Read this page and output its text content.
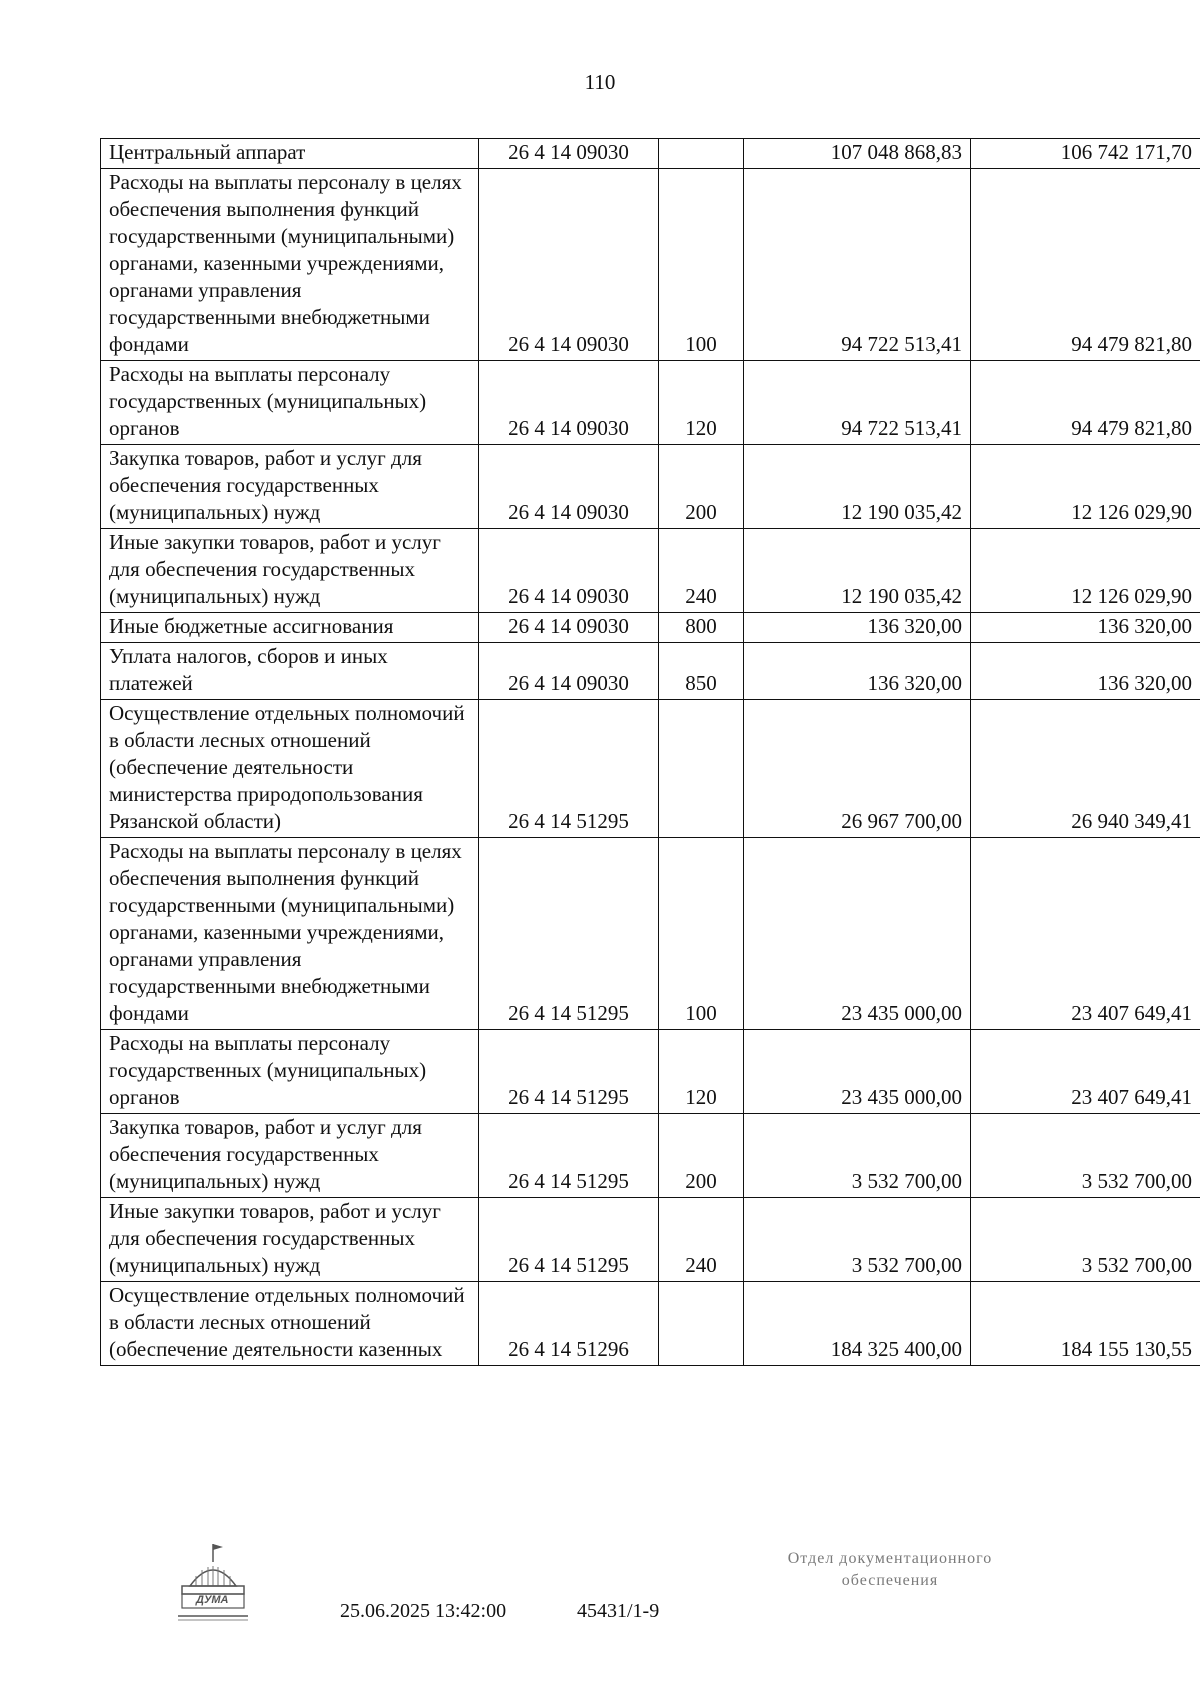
110
Центральный аппарат	26 4 14 09030		107 048 868,83	106 742 171,70
Расходы на выплаты персоналу в целях обеспечения выполнения функций государственными (муниципальными) органами, казенными учреждениями, органами управления государственными внебюджетными фондами	26 4 14 09030	100	94 722 513,41	94 479 821,80
Расходы на выплаты персоналу государственных (муниципальных) органов	26 4 14 09030	120	94 722 513,41	94 479 821,80
Закупка товаров, работ и услуг для обеспечения государственных (муниципальных) нужд	26 4 14 09030	200	12 190 035,42	12 126 029,90
Иные закупки товаров, работ и услуг для обеспечения государственных (муниципальных) нужд	26 4 14 09030	240	12 190 035,42	12 126 029,90
Иные бюджетные ассигнования	26 4 14 09030	800	136 320,00	136 320,00
Уплата налогов, сборов и иных платежей	26 4 14 09030	850	136 320,00	136 320,00
Осуществление отдельных полномочий в области лесных отношений (обеспечение деятельности министерства природопользования Рязанской области)	26 4 14 51295		26 967 700,00	26 940 349,41
Расходы на выплаты персоналу в целях обеспечения выполнения функций государственными (муниципальными) органами, казенными учреждениями, органами управления государственными внебюджетными фондами	26 4 14 51295	100	23 435 000,00	23 407 649,41
Расходы на выплаты персоналу государственных (муниципальных) органов	26 4 14 51295	120	23 435 000,00	23 407 649,41
Закупка товаров, работ и услуг для обеспечения государственных (муниципальных) нужд	26 4 14 51295	200	3 532 700,00	3 532 700,00
Иные закупки товаров, работ и услуг для обеспечения государственных (муниципальных) нужд	26 4 14 51295	240	3 532 700,00	3 532 700,00
Осуществление отдельных полномочий в области лесных отношений (обеспечение деятельности казенных	26 4 14 51296		184 325 400,00	184 155 130,55
ДУМА	25.06.2025 13:42:00	45431/1-9
Отдел документационного
обеспечения
